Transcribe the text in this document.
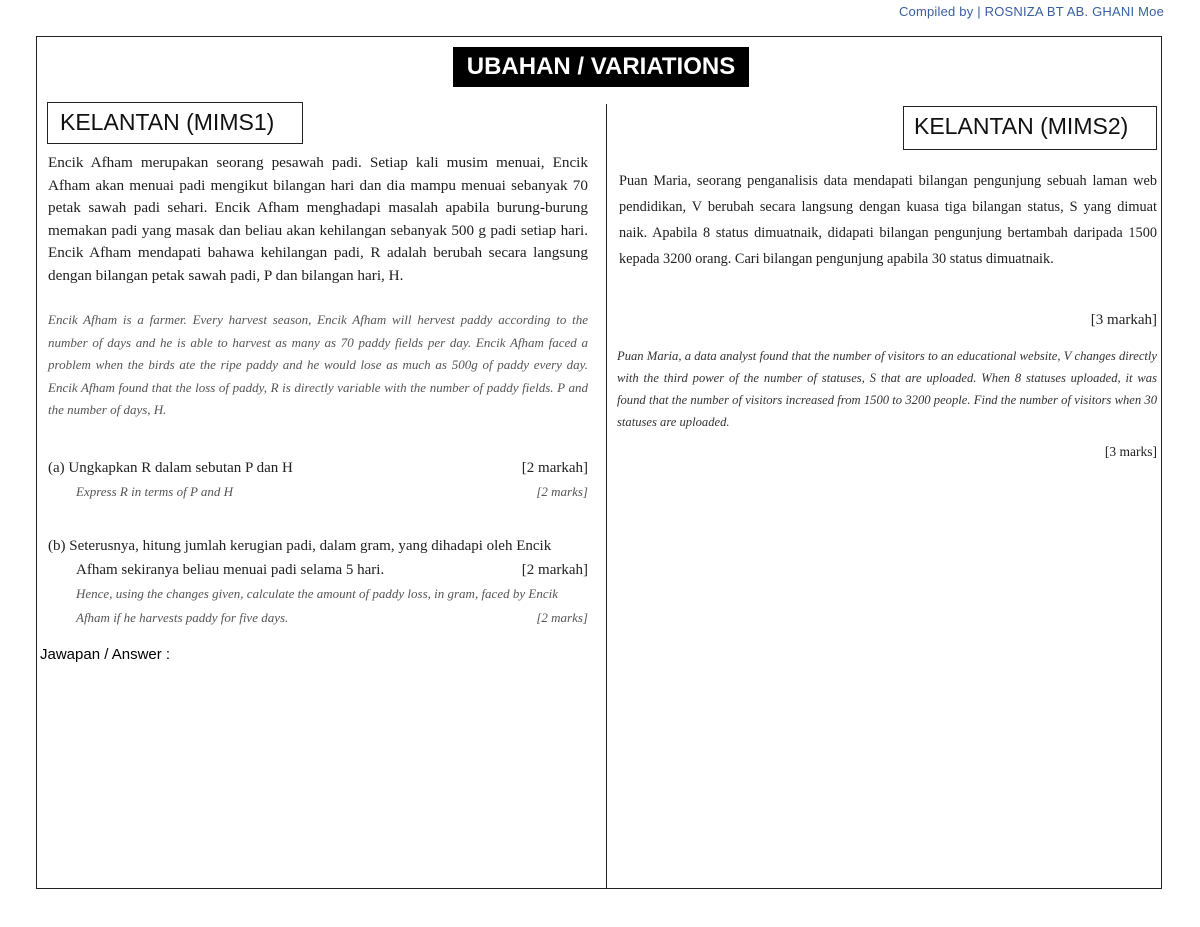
Compiled by | ROSNIZA BT AB. GHANI Moe
UBAHAN / VARIATIONS
KELANTAN (MIMS1)
Encik Afham merupakan seorang pesawah padi. Setiap kali musim menuai, Encik Afham akan menuai padi mengikut bilangan hari dan dia mampu menuai sebanyak 70 petak sawah padi sehari. Encik Afham menghadapi masalah apabila burung-burung memakan padi yang masak dan beliau akan kehilangan sebanyak 500 g padi setiap hari. Encik Afham mendapati bahawa kehilangan padi, R adalah berubah secara langsung dengan bilangan petak sawah padi, P dan bilangan hari, H.
Encik Afham is a farmer. Every harvest season, Encik Afham will hervest paddy according to the number of days and he is able to harvest as many as 70 paddy fields per day. Encik Afham faced a problem when the birds ate the ripe paddy and he would lose as much as 500g of paddy every day. Encik Afham found that the loss of paddy, R is directly variable with the number of paddy fields. P and the number of days, H.
(a) Ungkapkan R dalam sebutan P dan H	[2 markah]
Express R in terms of P and H	[2 marks]
(b) Seterusnya, hitung jumlah kerugian padi, dalam gram, yang dihadapi oleh Encik
Afham sekiranya beliau menuai padi selama 5 hari.	[2 markah]
Hence, using the changes given, calculate the amount of paddy loss, in gram, faced by Encik
Afham if he harvests paddy for five days.	[2 marks]
Jawapan / Answer :
KELANTAN (MIMS2)
Puan Maria, seorang penganalisis data mendapati bilangan pengunjung sebuah laman web pendidikan, V berubah secara langsung dengan kuasa tiga bilangan status, S yang dimuat naik. Apabila 8 status dimuatnaik, didapati bilangan pengunjung bertambah daripada 1500 kepada 3200 orang. Cari bilangan pengunjung apabila 30 status dimuatnaik.
[3 markah]
Puan Maria, a data analyst found that the number of visitors to an educational website, V changes directly with the third power of the number of statuses, S that are uploaded. When 8 statuses uploaded, it was found that the number of visitors increased from 1500 to 3200 people. Find the number of visitors when 30 statuses are uploaded.
[3 marks]
